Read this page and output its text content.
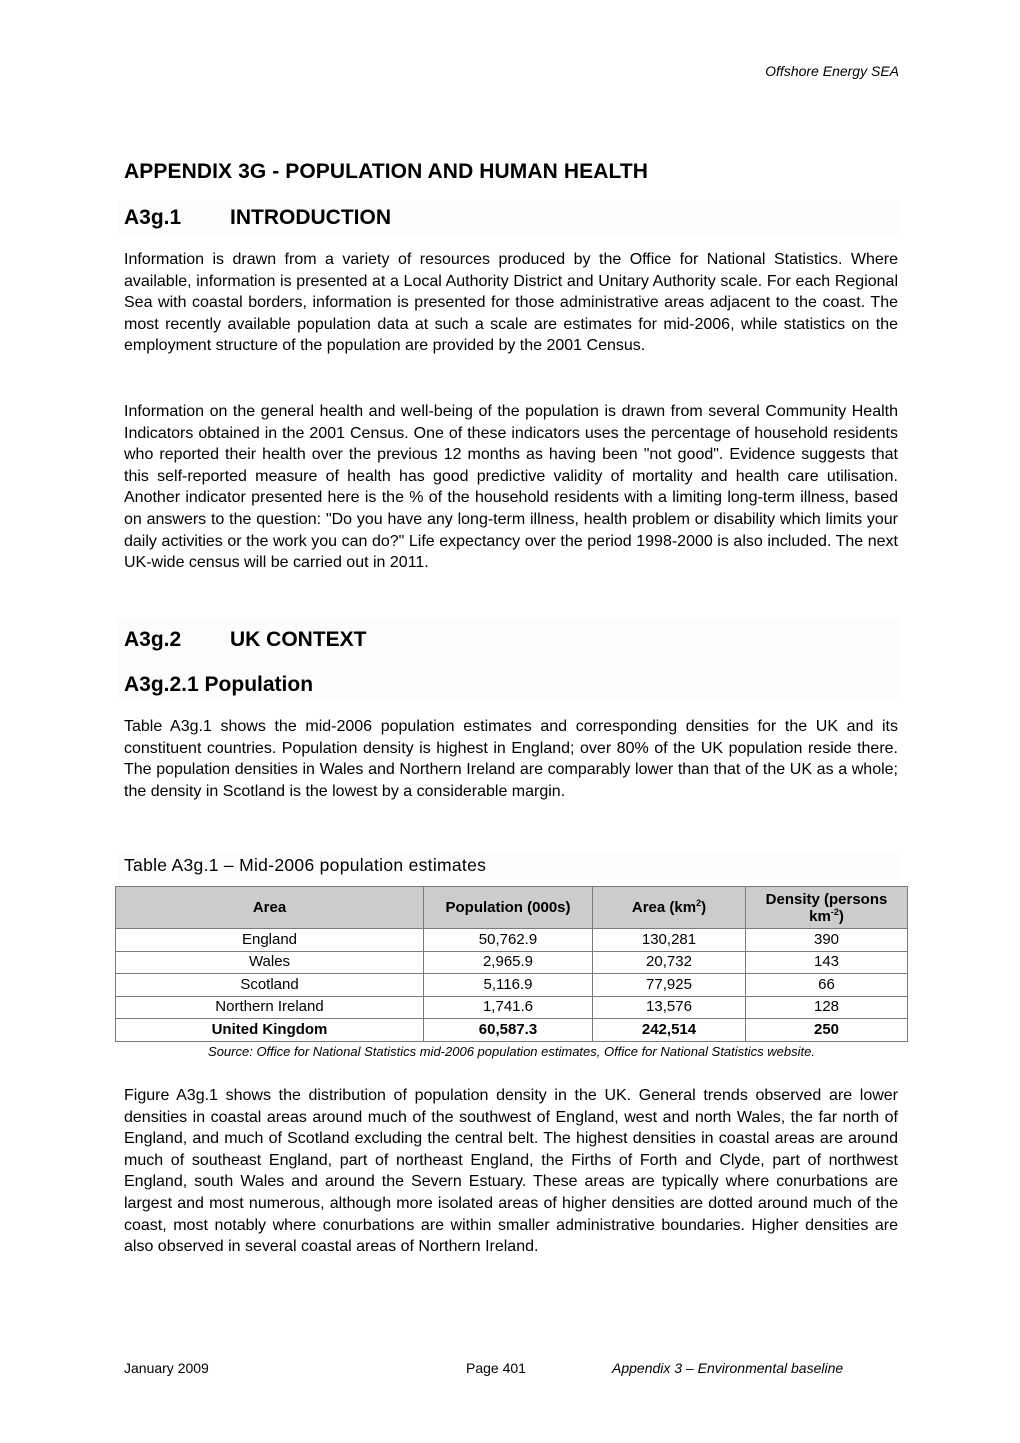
Offshore Energy SEA
APPENDIX 3G - POPULATION AND HUMAN HEALTH
A3g.1 INTRODUCTION
Information is drawn from a variety of resources produced by the Office for National Statistics. Where available, information is presented at a Local Authority District and Unitary Authority scale. For each Regional Sea with coastal borders, information is presented for those administrative areas adjacent to the coast. The most recently available population data at such a scale are estimates for mid-2006, while statistics on the employment structure of the population are provided by the 2001 Census.
Information on the general health and well-being of the population is drawn from several Community Health Indicators obtained in the 2001 Census. One of these indicators uses the percentage of household residents who reported their health over the previous 12 months as having been "not good". Evidence suggests that this self-reported measure of health has good predictive validity of mortality and health care utilisation. Another indicator presented here is the % of the household residents with a limiting long-term illness, based on answers to the question: "Do you have any long-term illness, health problem or disability which limits your daily activities or the work you can do?" Life expectancy over the period 1998-2000 is also included. The next UK-wide census will be carried out in 2011.
A3g.2 UK CONTEXT
A3g.2.1 Population
Table A3g.1 shows the mid-2006 population estimates and corresponding densities for the UK and its constituent countries. Population density is highest in England; over 80% of the UK population reside there. The population densities in Wales and Northern Ireland are comparably lower than that of the UK as a whole; the density in Scotland is the lowest by a considerable margin.
Table A3g.1 – Mid-2006 population estimates
Area	Population (000s)	Area $(km^2)$	Density (persons
$km^{-2}$)
England	50,762.9	130,281	390
Wales	2,965.9	20,732	143
Scotland	5,116.9	77,925	66
Northern Ireland	1,741.6	13,576	128
United Kingdom	60,587.3	242,514	250
Source: Office for National Statistics mid-2006 population estimates, Office for National Statistics website.
Figure A3g.1 shows the distribution of population density in the UK. General trends observed are lower densities in coastal areas around much of the southwest of England, west and north Wales, the far north of England, and much of Scotland excluding the central belt. The highest densities in coastal areas are around much of southeast England, part of northeast England, the Firths of Forth and Clyde, part of northwest England, south Wales and around the Severn Estuary. These areas are typically where conurbations are largest and most numerous, although more isolated areas of higher densities are dotted around much of the coast, most notably where conurbations are within smaller administrative boundaries. Higher densities are also observed in several coastal areas of Northern Ireland.
January 2009	Page 401	Appendix 3 – Environmental baseline
